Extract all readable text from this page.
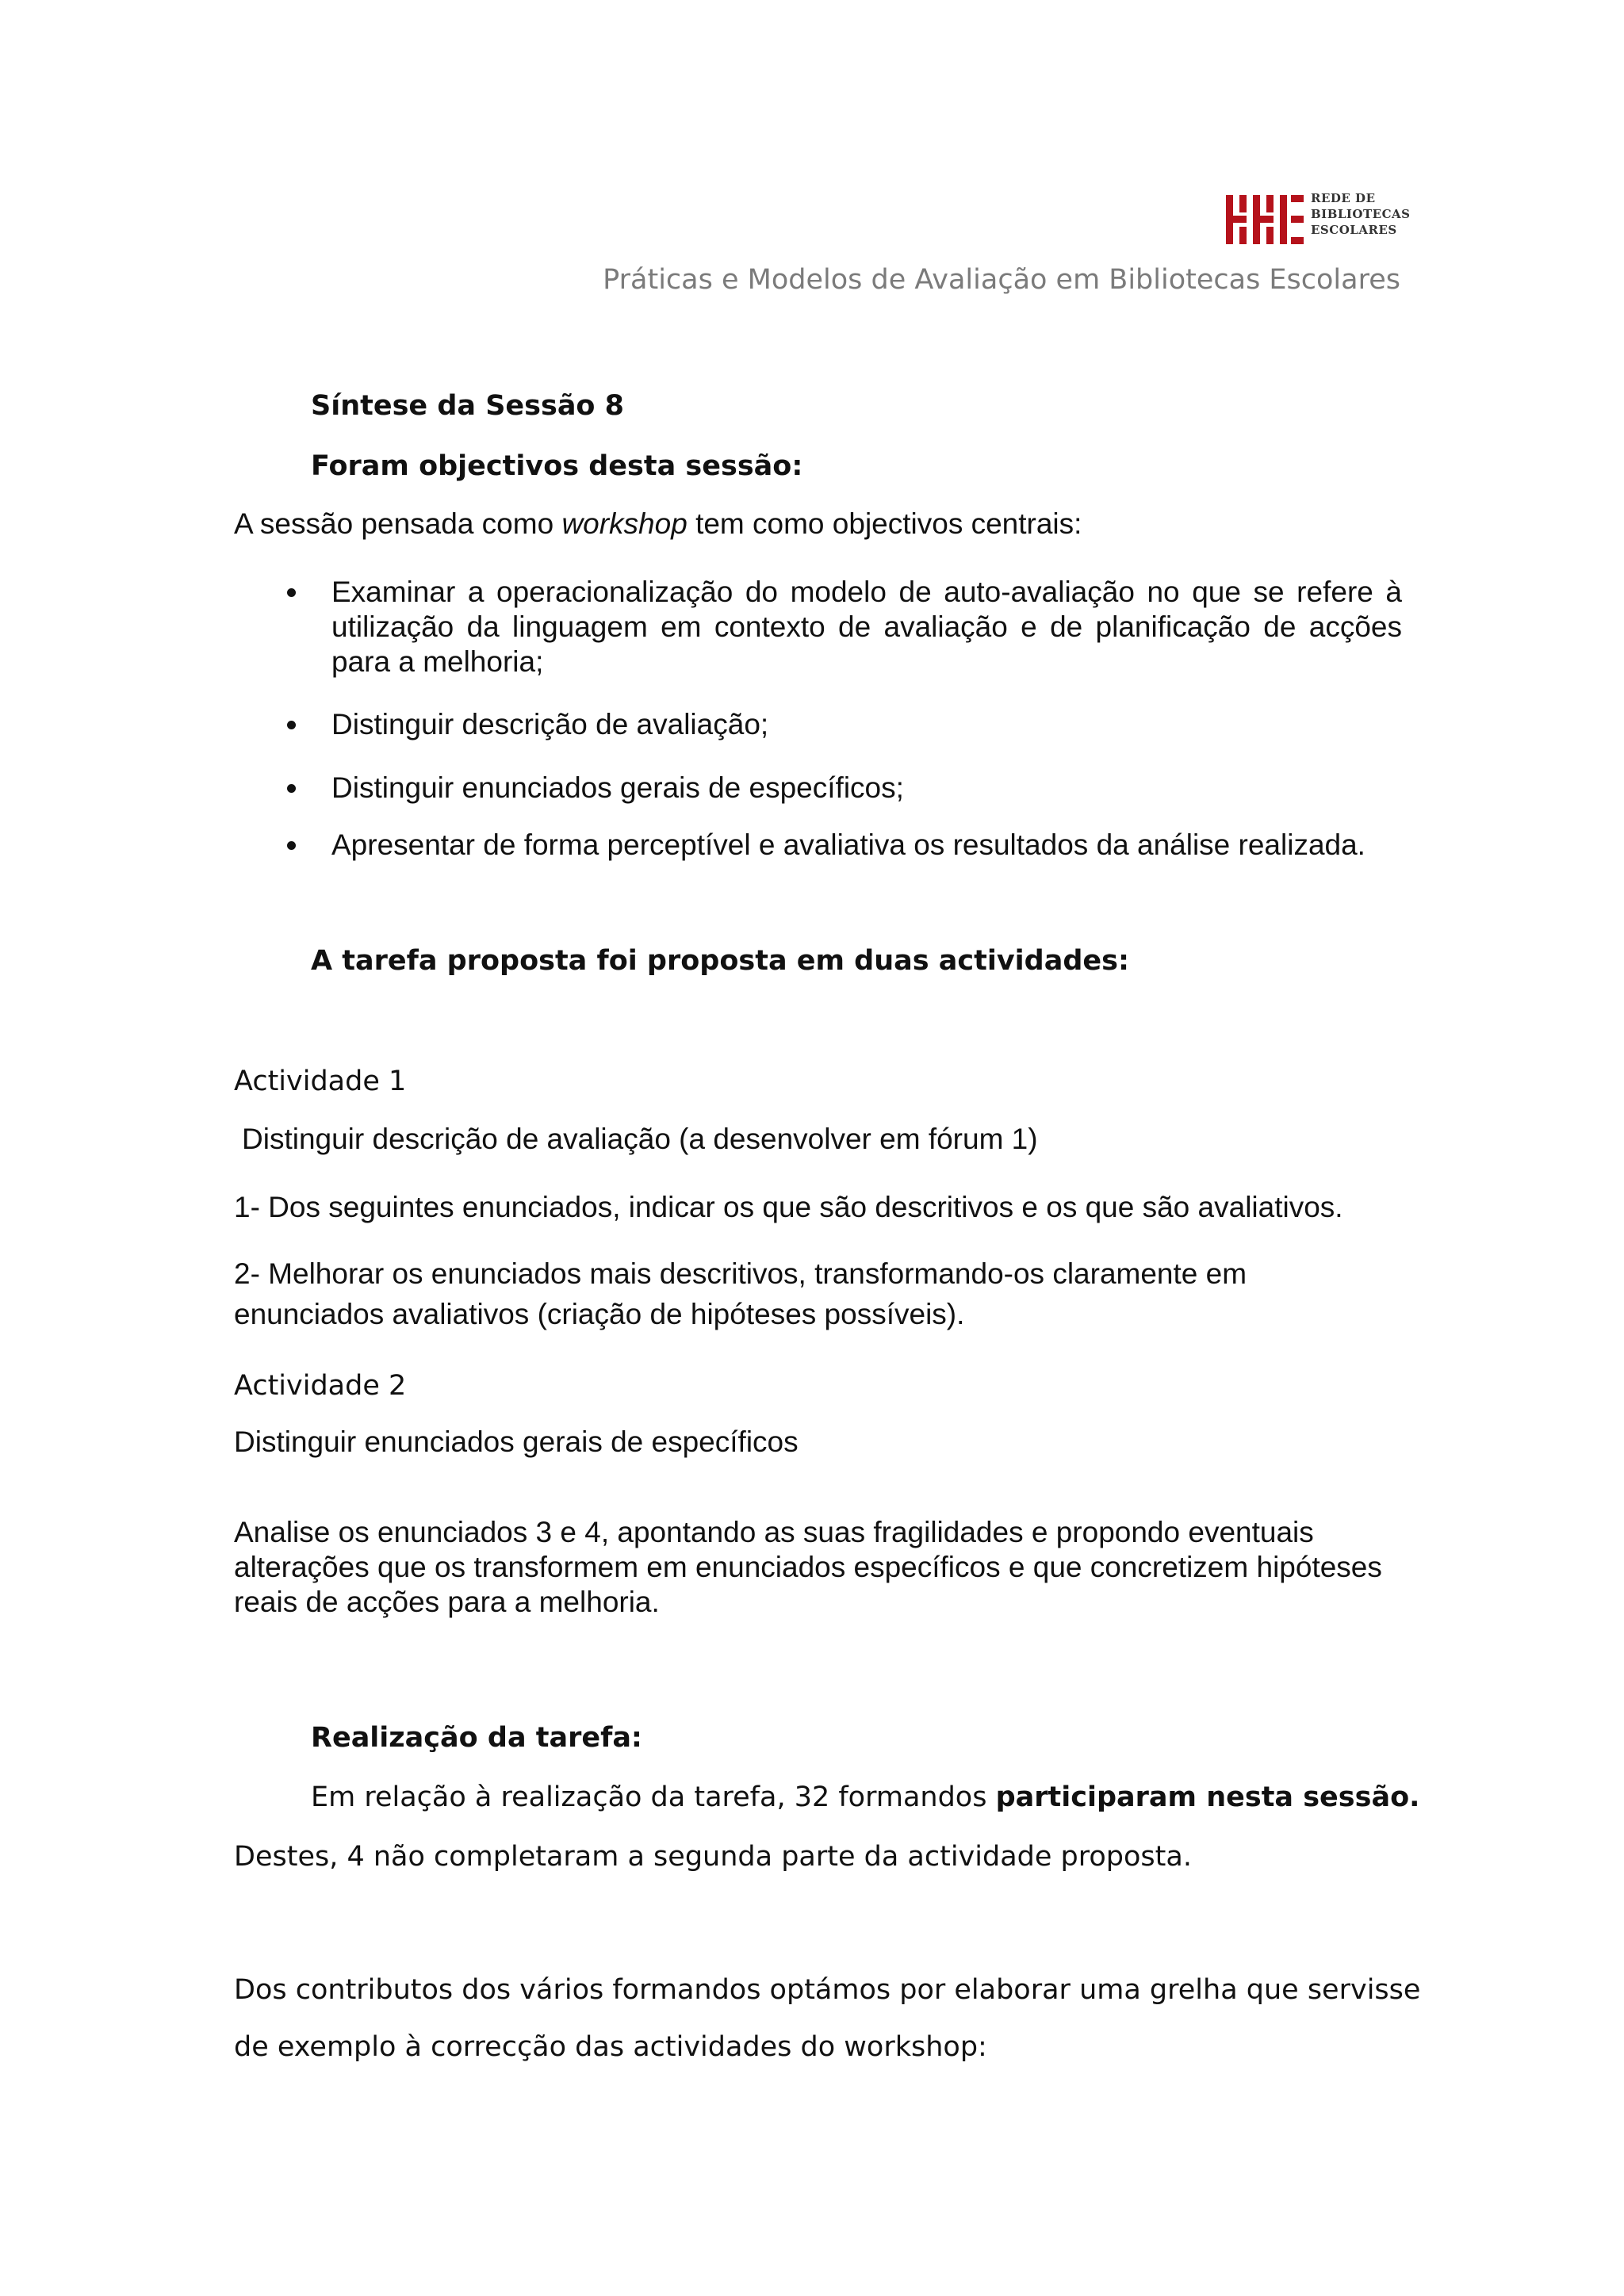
REDE DE
BIBLIOTECAS
ESCOLARES
Práticas e Modelos de Avaliação em Bibliotecas Escolares
Síntese da Sessão 8
Foram objectivos desta sessão:
A sessão pensada como workshop tem como objectivos centrais:
Examinar a operacionalização do modelo de auto-avaliação no que se refere à utilização da linguagem em contexto de avaliação e de planificação de acções para a melhoria;
Distinguir descrição de avaliação;
Distinguir enunciados gerais de específicos;
Apresentar de forma perceptível e avaliativa os resultados da análise realizada.
A tarefa proposta foi proposta em duas actividades:
Actividade 1
Distinguir descrição de avaliação (a desenvolver em fórum 1)
1- Dos seguintes enunciados, indicar os que são descritivos e os que são avaliativos.
2- Melhorar os enunciados mais descritivos, transformando-os claramente em
enunciados avaliativos (criação de hipóteses possíveis).
Actividade 2
Distinguir enunciados gerais de específicos
Analise os enunciados 3 e 4, apontando as suas fragilidades e propondo eventuais alterações que os transformem em enunciados específicos e que concretizem hipóteses reais de acções para a melhoria.
Realização da tarefa:
Em relação à realização da tarefa, 32 formandos participaram nesta sessão.
Destes, 4 não completaram a segunda parte da actividade proposta.
Dos contributos dos vários formandos optámos por elaborar uma grelha que servisse
de exemplo à correcção das actividades do workshop:
